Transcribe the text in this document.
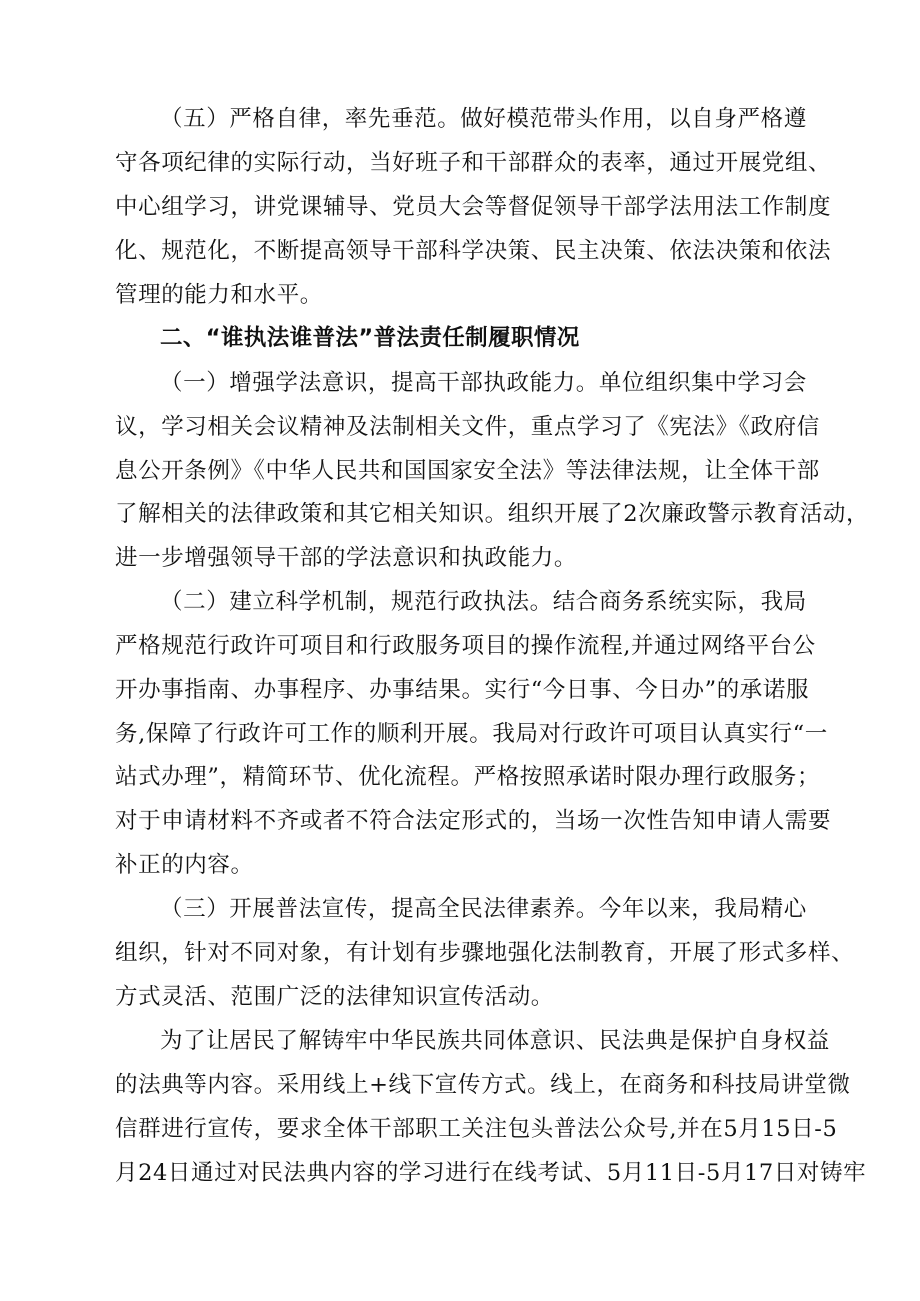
（五）严格自律，率先垂范。做好模范带头作用，以自身严格遵
守各项纪律的实际行动，当好班子和干部群众的表率，通过开展党组、
中心组学习，讲党课辅导、党员大会等督促领导干部学法用法工作制度
化、规范化，不断提高领导干部科学决策、民主决策、依法决策和依法
管理的能力和水平。
二、“谁执法谁普法”普法责任制履职情况
（一）增强学法意识，提高干部执政能力。单位组织集中学习会
议，学习相关会议精神及法制相关文件，重点学习了《宪法》《政府信
息公开条例》《中华人民共和国国家安全法》等法律法规，让全体干部
了解相关的法律政策和其它相关知识。组织开展了2次廉政警示教育活动，
进一步增强领导干部的学法意识和执政能力。
（二）建立科学机制，规范行政执法。结合商务系统实际，我局
严格规范行政许可项目和行政服务项目的操作流程,并通过网络平台公
开办事指南、办事程序、办事结果。实行“今日事、今日办”的承诺服
务,保障了行政许可工作的顺利开展。我局对行政许可项目认真实行“一
站式办理”，精简环节、优化流程。严格按照承诺时限办理行政服务；
对于申请材料不齐或者不符合法定形式的，当场一次性告知申请人需要
补正的内容。
（三）开展普法宣传，提高全民法律素养。今年以来，我局精心
组织，针对不同对象，有计划有步骤地强化法制教育，开展了形式多样、
方式灵活、范围广泛的法律知识宣传活动。
为了让居民了解铸牢中华民族共同体意识、民法典是保护自身权益
的法典等内容。采用线上+线下宣传方式。线上，在商务和科技局讲堂微
信群进行宣传，要求全体干部职工关注包头普法公众号,并在5月15日-5
月24日通过对民法典内容的学习进行在线考试、5月11日-5月17日对铸牢
